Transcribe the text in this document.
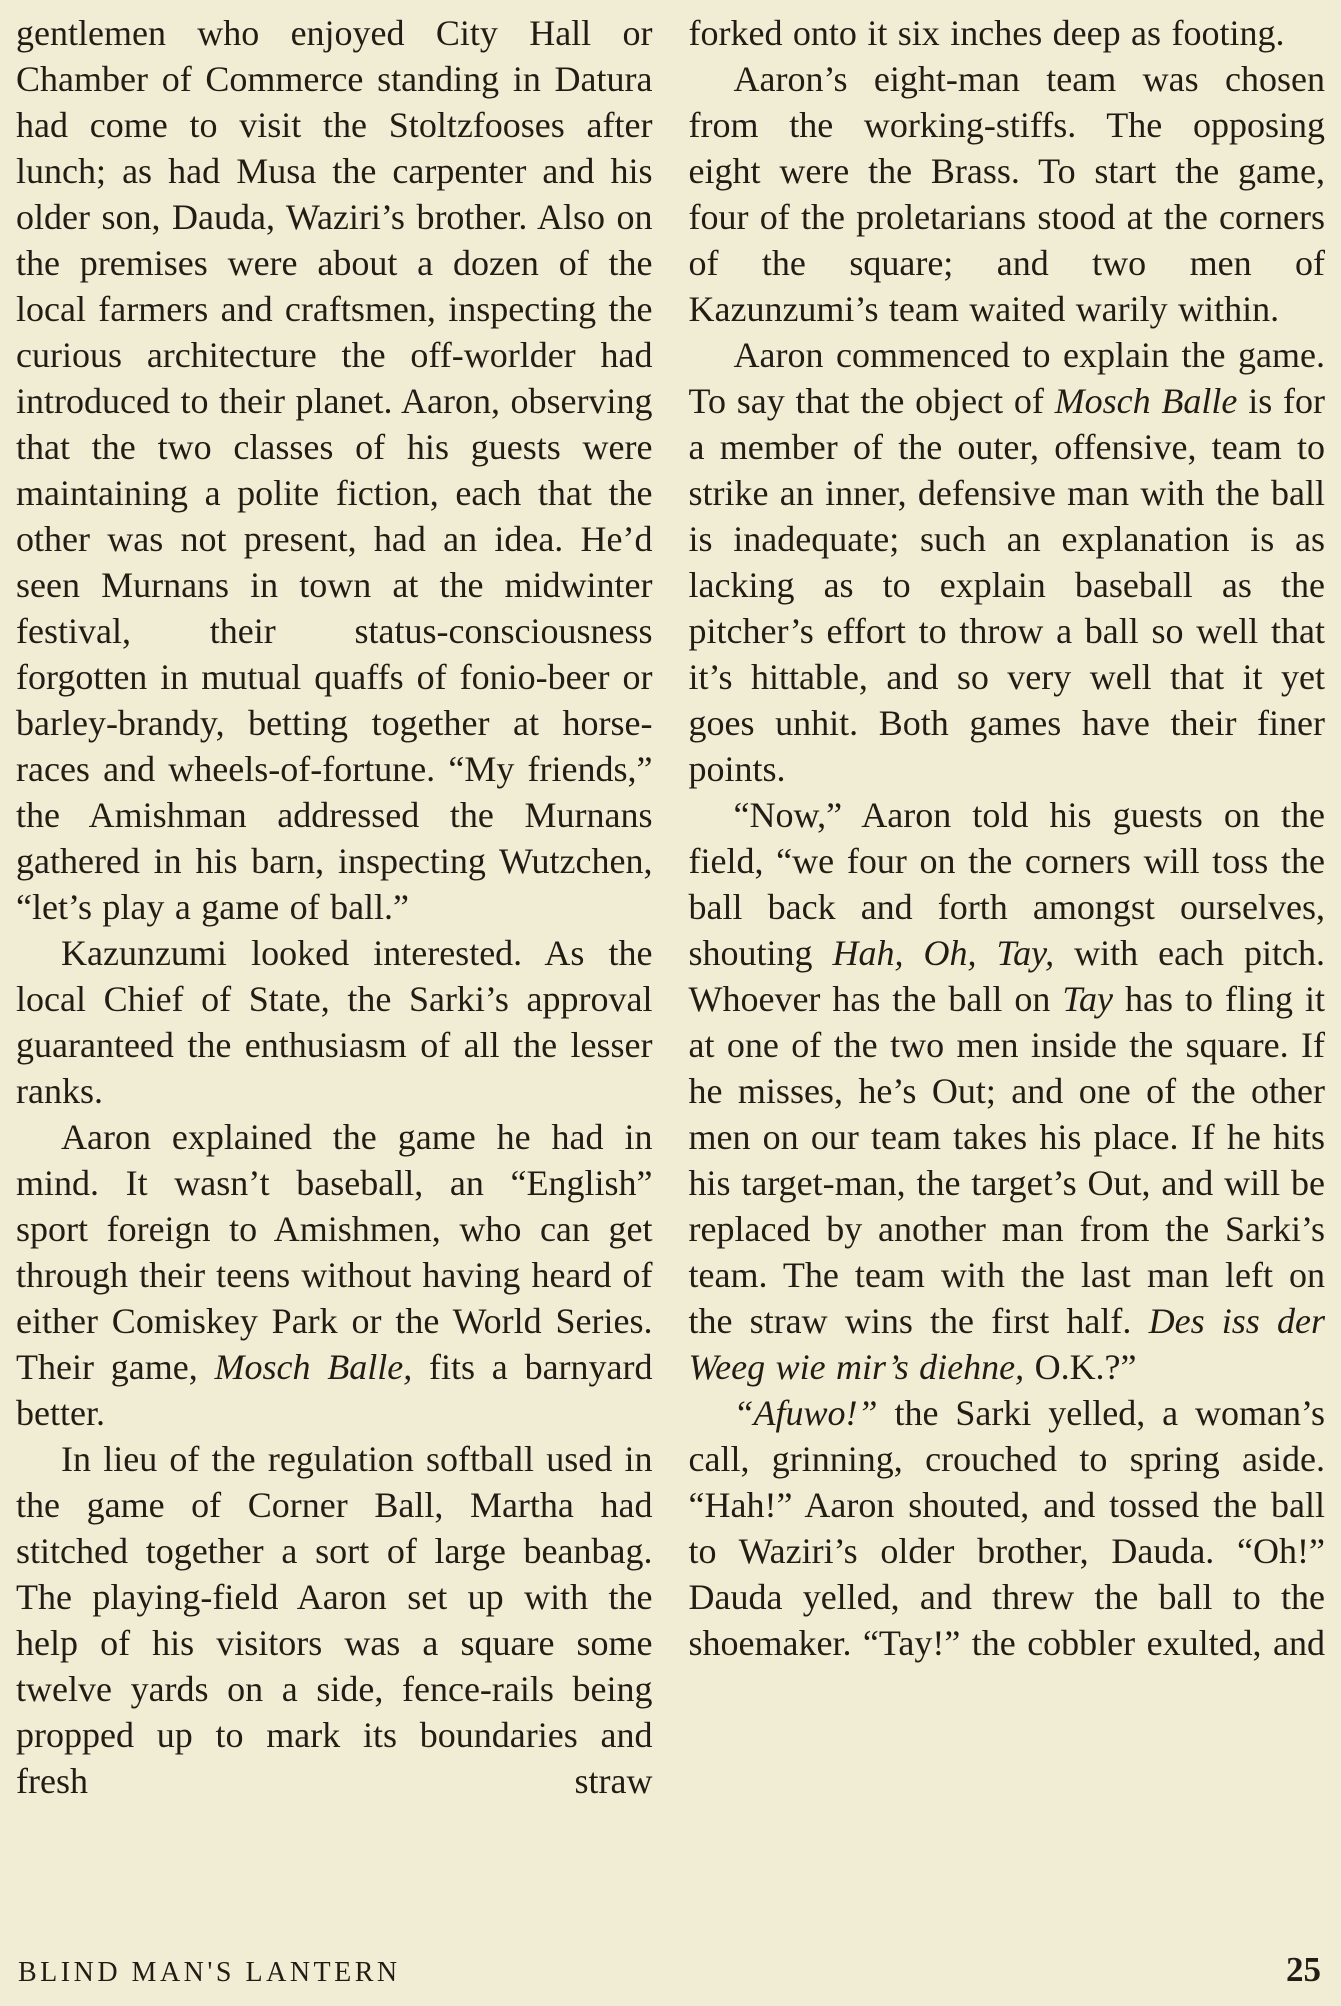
gentlemen who enjoyed City Hall or Chamber of Commerce standing in Datura had come to visit the Stoltzfooses after lunch; as had Musa the carpenter and his older son, Dauda, Waziri’s brother. Also on the premises were about a dozen of the local farmers and craftsmen, inspecting the curious architecture the off-worlder had introduced to their planet. Aaron, observing that the two classes of his guests were maintaining a polite fiction, each that the other was not present, had an idea. He’d seen Murnans in town at the midwinter festival, their status-consciousness forgotten in mutual quaffs of fonio-beer or barley-brandy, betting together at horse-races and wheels-of-fortune. “My friends,” the Amishman addressed the Murnans gathered in his barn, inspecting Wutzchen, “let’s play a game of ball.”

Kazunzumi looked interested. As the local Chief of State, the Sarki’s approval guaranteed the enthusiasm of all the lesser ranks.

Aaron explained the game he had in mind. It wasn’t baseball, an “English” sport foreign to Amishmen, who can get through their teens without having heard of either Comiskey Park or the World Series. Their game, Mosch Balle, fits a barnyard better.

In lieu of the regulation softball used in the game of Corner Ball, Martha had stitched together a sort of large beanbag. The playing-field Aaron set up with the help of his visitors was a square some twelve yards on a side, fence-rails being propped up to mark its boundaries and fresh straw

forked onto it six inches deep as footing.

Aaron’s eight-man team was chosen from the working-stiffs. The opposing eight were the Brass. To start the game, four of the proletarians stood at the corners of the square; and two men of Kazunzumi’s team waited warily within.

Aaron commenced to explain the game. To say that the object of Mosch Balle is for a member of the outer, offensive, team to strike an inner, defensive man with the ball is inadequate; such an explanation is as lacking as to explain baseball as the pitcher’s effort to throw a ball so well that it’s hittable, and so very well that it yet goes unhit. Both games have their finer points.

“Now,” Aaron told his guests on the field, “we four on the corners will toss the ball back and forth amongst ourselves, shouting Hah, Oh, Tay, with each pitch. Whoever has the ball on Tay has to fling it at one of the two men inside the square. If he misses, he’s Out; and one of the other men on our team takes his place. If he hits his target-man, the target’s Out, and will be replaced by another man from the Sarki’s team. The team with the last man left on the straw wins the first half. Des iss der Weeg wie mir’s diehne, O.K.?”

“Afuwo!” the Sarki yelled, a woman’s call, grinning, crouched to spring aside. “Hah!” Aaron shouted, and tossed the ball to Waziri’s older brother, Dauda. “Oh!” Dauda yelled, and threw the ball to the shoemaker. “Tay!” the cobbler exulted, and

BLIND MAN'S LANTERN	25
